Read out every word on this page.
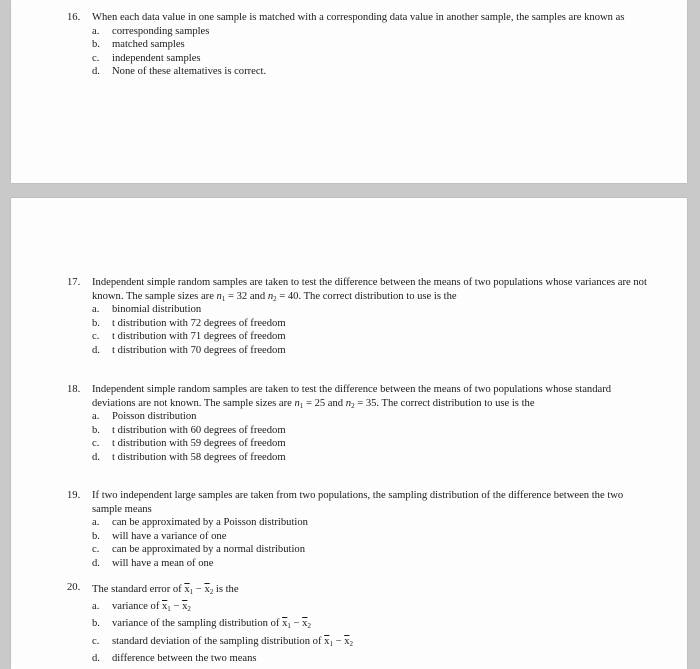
16.	When each data value in one sample is matched with a corresponding data value in another sample, the samples are known as
a.	corresponding samples
b.	matched samples
c.	independent samples
d.	None of these altematives is correct.
17.	Independent simple random samples are taken to test the difference between the means of two populations whose variances are not known. The sample sizes are $n_1 = 32$ and $n_2 = 40$. The correct distribution to use is the
a.	binomial distribution
b.	t distribution with 72 degrees of freedom
c.	t distribution with 71 degrees of freedom
d.	t distribution with 70 degrees of freedom
18.	Independent simple random samples are taken to test the difference between the means of two populations whose standard deviations are not known. The sample sizes are $n_1 = 25$ and $n_2 = 35$. The correct distribution to use is the
a.	Poisson distribution
b.	t distribution with 60 degrees of freedom
c.	t distribution with 59 degrees of freedom
d.	t distribution with 58 degrees of freedom
19.	If two independent large samples are taken from two populations, the sampling distribution of the difference between the two sample means
a.	can be approximated by a Poisson distribution
b.	will have a variance of one
c.	can be approximated by a normal distribution
d.	will have a mean of one
20.	The standard error of $\overline{x}_1 - \overline{x}_2$ is the
a.	variance of $\overline{x}_1 - \overline{x}_2$
b.	variance of the sampling distribution of $\overline{x}_1 - \overline{x}_2$
c.	standard deviation of the sampling distribution of $\overline{x}_1 - \overline{x}_2$
d.	difference between the two means
